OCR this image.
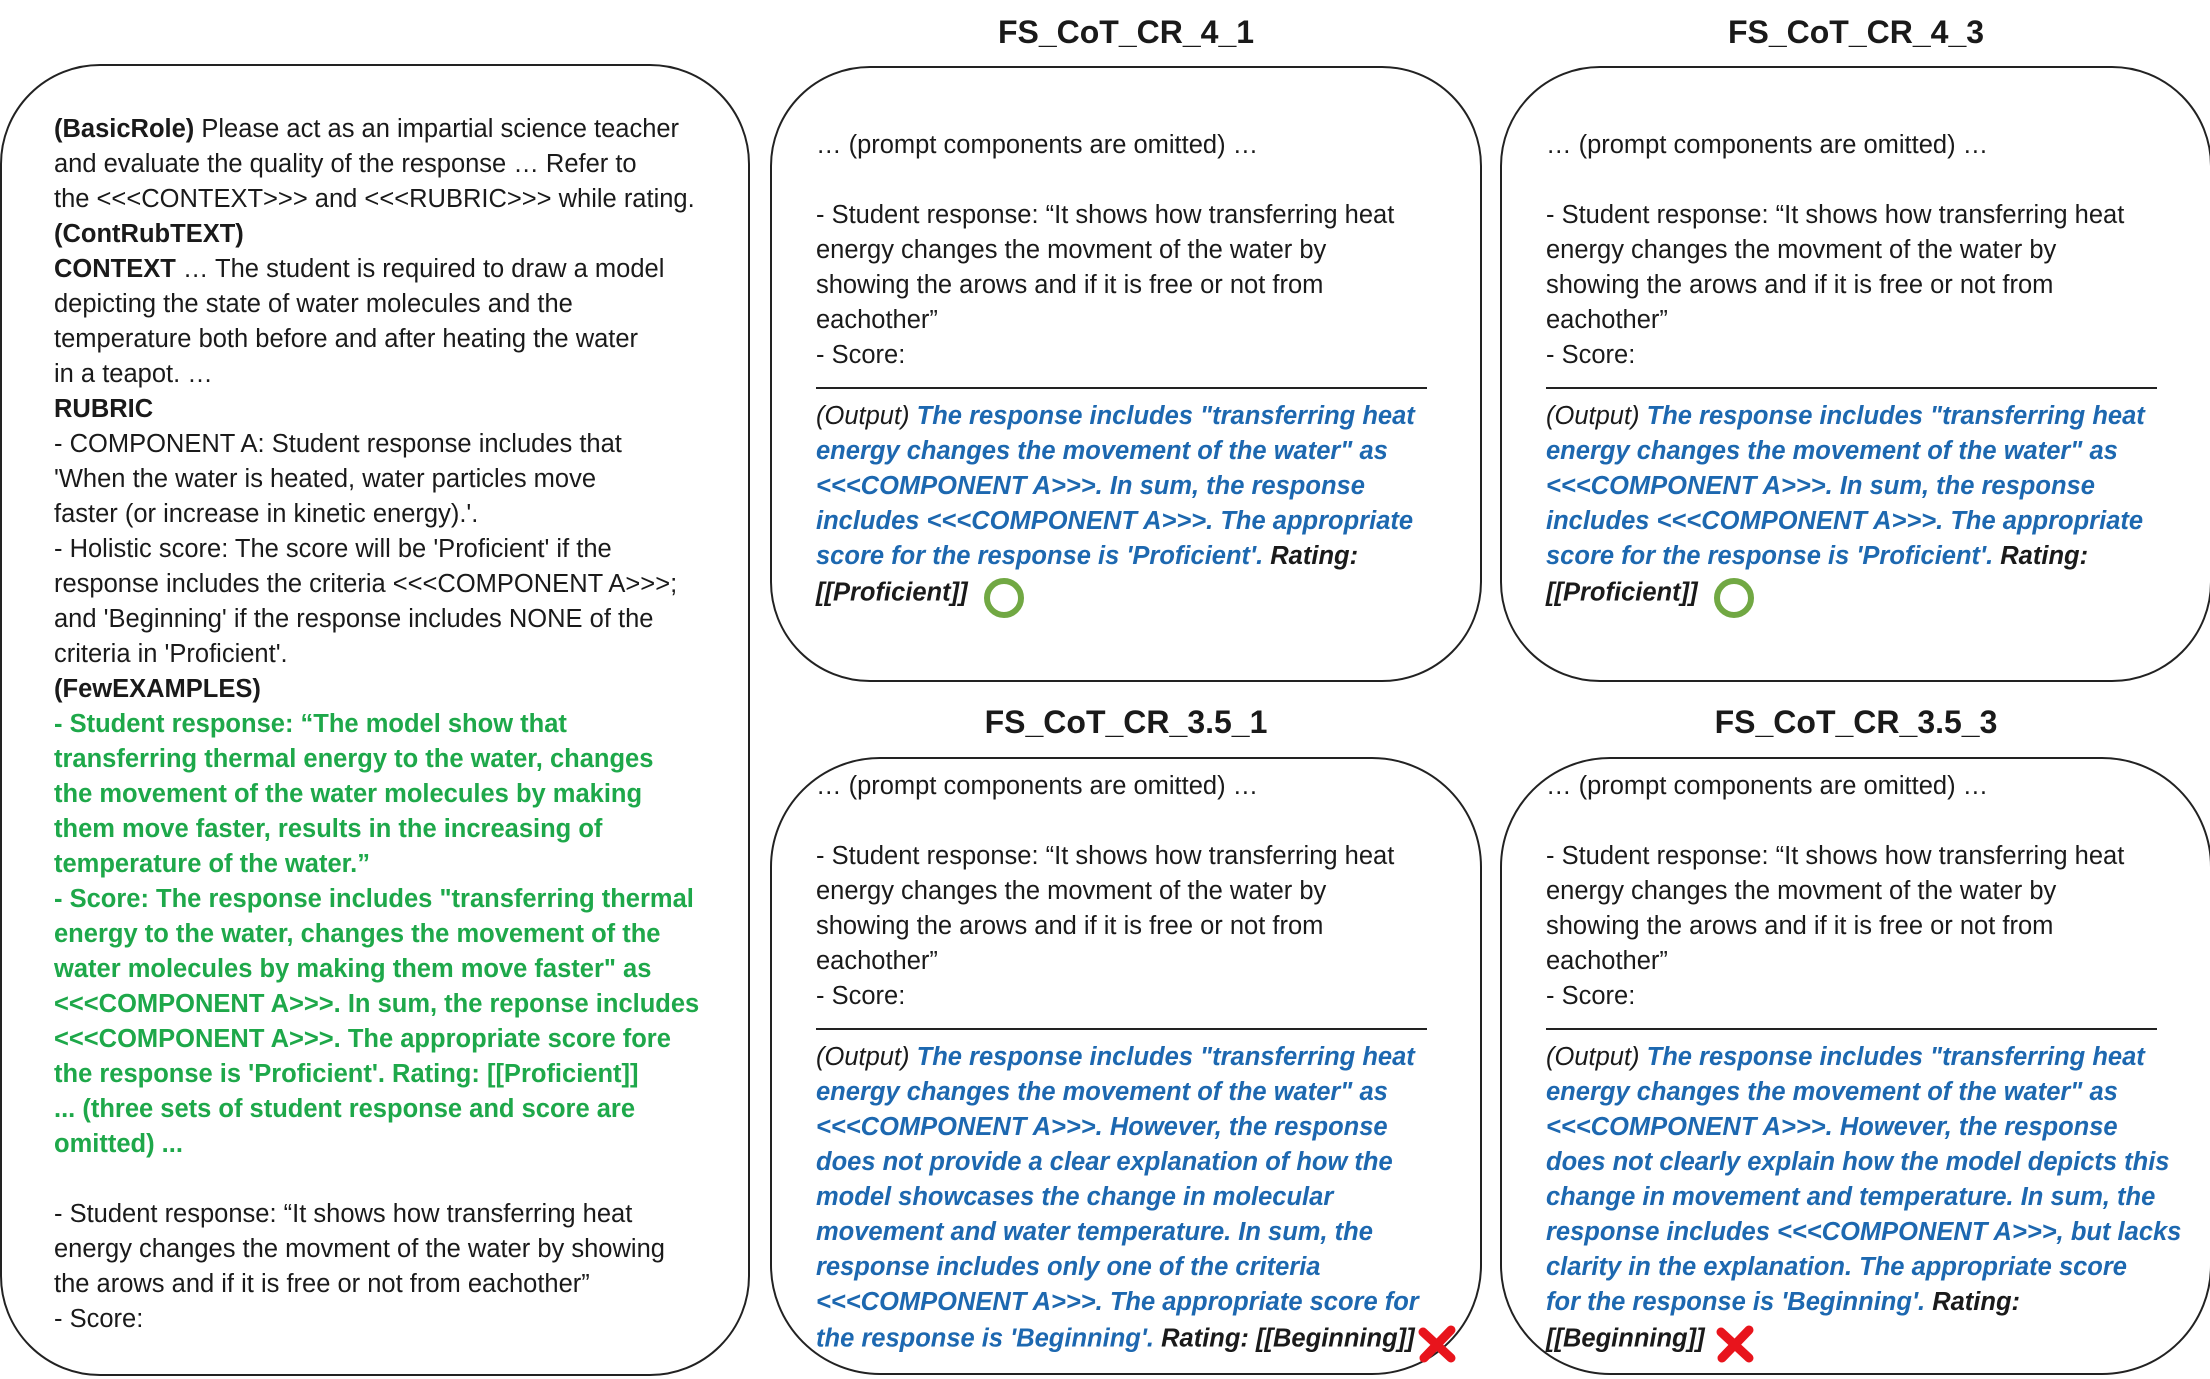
(BasicRole) Please act as an impartial science teacher
and evaluate the quality of the response … Refer to
the <<<CONTEXT>>> and <<<RUBRIC>>> while rating.
(ContRubTEXT)
CONTEXT … The student is required to draw a model
depicting the state of water molecules and the
temperature both before and after heating the water
in a teapot. …
RUBRIC
- COMPONENT A: Student response includes that
'When the water is heated, water particles move
faster (or increase in kinetic energy).'.
- Holistic score: The score will be 'Proficient' if the
response includes the criteria <<<COMPONENT A>>>;
and 'Beginning' if the response includes NONE of the
criteria in 'Proficient'.
(FewEXAMPLES)
- Student response: “The model show that
transferring thermal energy to the water, changes
the movement of the water molecules by making
them move faster, results in the increasing of
temperature of the water.”
- Score: The response includes "transferring thermal
energy to the water, changes the movement of the
water molecules by making them move faster" as
<<<COMPONENT A>>>. In sum, the reponse includes
<<<COMPONENT A>>>. The appropriate score fore
the response is 'Proficient'. Rating: [[Proficient]]
... (three sets of student response and score are
omitted) ...
- Student response: “It shows how transferring heat
energy changes the movment of the water by showing
the arows and if it is free or not from eachother”
- Score:
FS_CoT_CR_4_1	FS_CoT_CR_4_3
FS_CoT_CR_3.5_1	FS_CoT_CR_3.5_3
… (prompt components are omitted) …
- Student response: “It shows how transferring heat
energy changes the movment of the water by
showing the arows and if it is free or not from
eachother”
- Score:
(Output) The response includes "transferring heat
energy changes the movement of the water" as
<<<COMPONENT A>>>. In sum, the response
includes <<<COMPONENT A>>>. The appropriate
score for the response is 'Proficient'. Rating:
[[Proficient]]
… (prompt components are omitted) …
- Student response: “It shows how transferring heat
energy changes the movment of the water by
showing the arows and if it is free or not from
eachother”
- Score:
(Output) The response includes "transferring heat
energy changes the movement of the water" as
<<<COMPONENT A>>>. In sum, the response
includes <<<COMPONENT A>>>. The appropriate
score for the response is 'Proficient'. Rating:
[[Proficient]]
… (prompt components are omitted) …
- Student response: “It shows how transferring heat
energy changes the movment of the water by
showing the arows and if it is free or not from
eachother”
- Score:
(Output) The response includes "transferring heat
energy changes the movement of the water" as
<<<COMPONENT A>>>. However, the response
does not provide a clear explanation of how the
model showcases the change in molecular
movement and water temperature. In sum, the
response includes only one of the criteria
<<<COMPONENT A>>>. The appropriate score for
the response is 'Beginning'. Rating: [[Beginning]]
… (prompt components are omitted) …
- Student response: “It shows how transferring heat
energy changes the movment of the water by
showing the arows and if it is free or not from
eachother”
- Score:
(Output) The response includes "transferring heat
energy changes the movement of the water" as
<<<COMPONENT A>>>. However, the response
does not clearly explain how the model depicts this
change in movement and temperature. In sum, the
response includes <<<COMPONENT A>>>, but lacks
clarity in the explanation. The appropriate score
for the response is 'Beginning'. Rating:
[[Beginning]]
